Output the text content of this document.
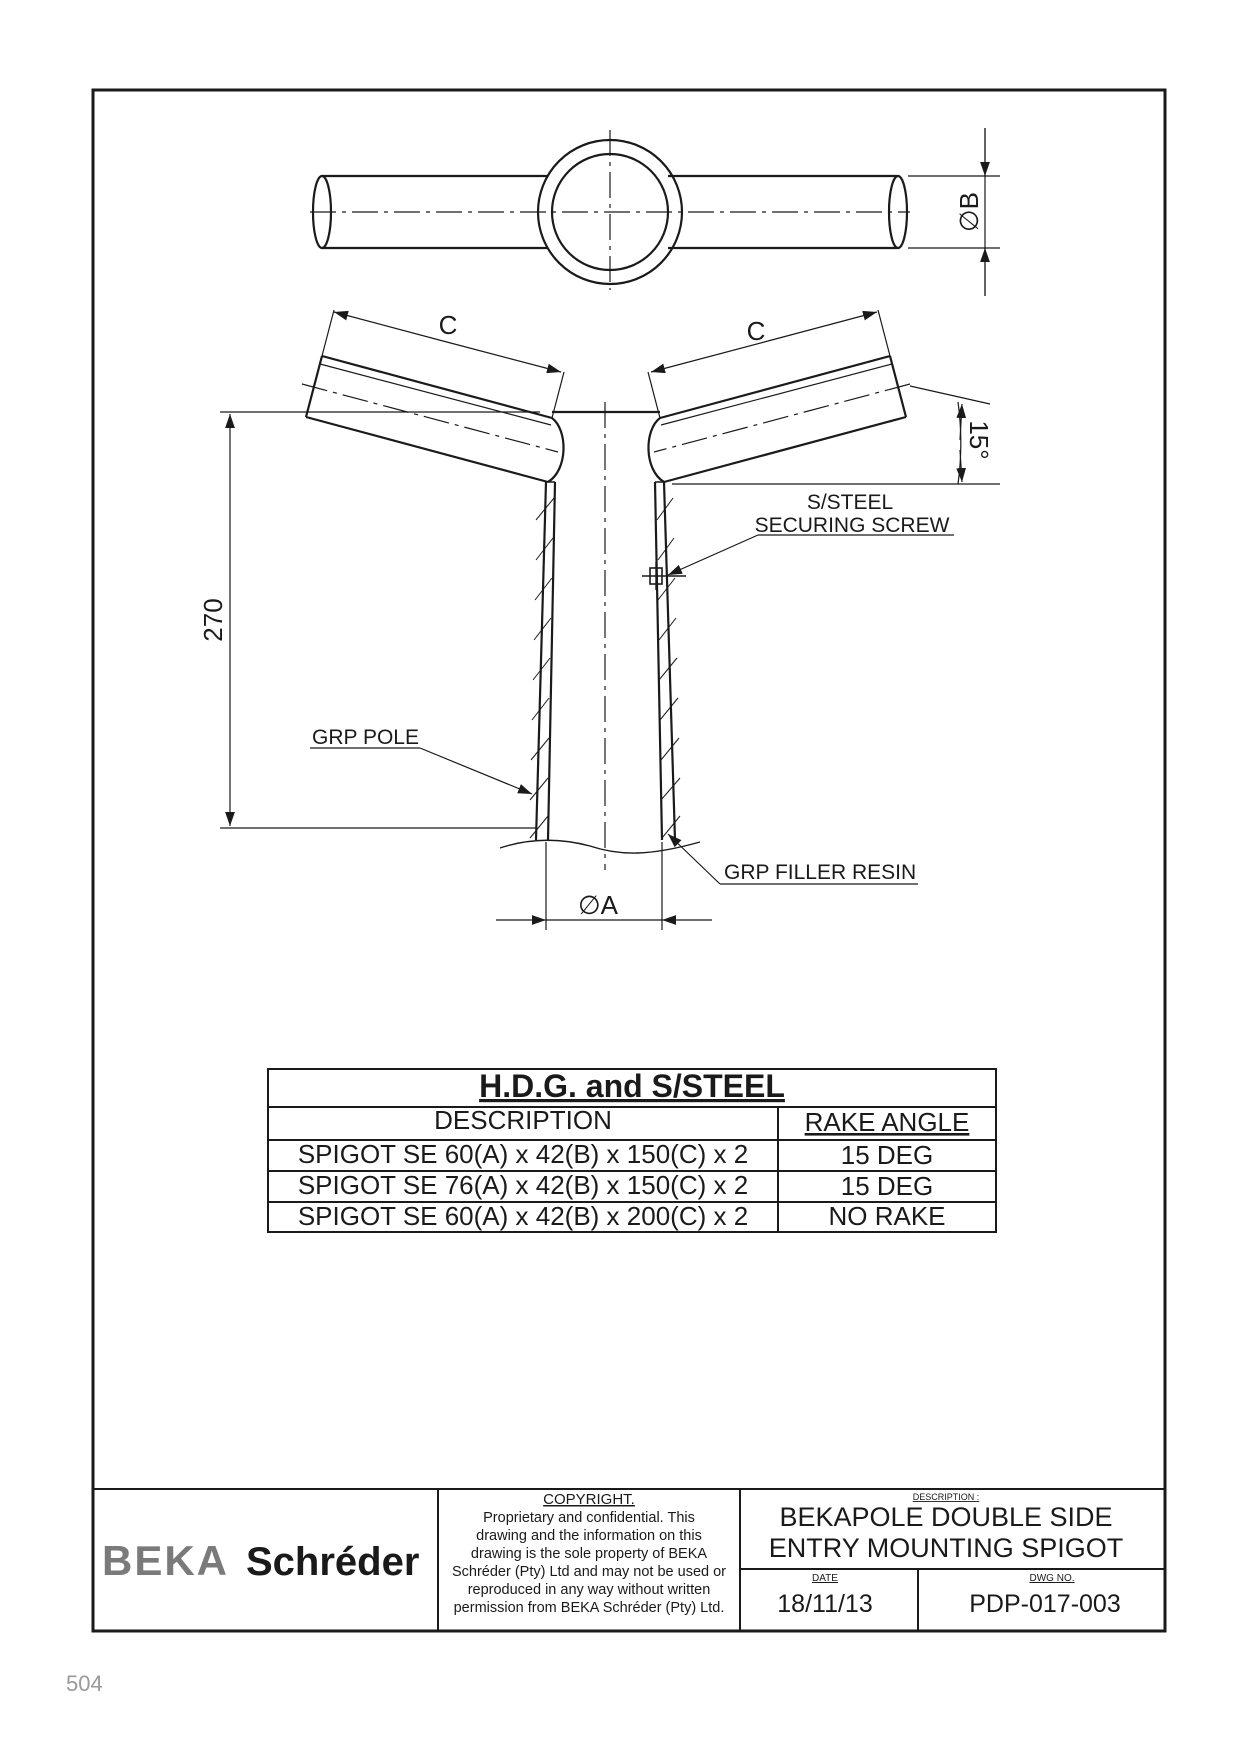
∅B
C	C
15°
270
∅A
S/STEEL
SECURING SCREW
GRP POLE
GRP FILLER RESIN
H.D.G. and S/STEEL
DESCRIPTION	RAKE ANGLE
SPIGOT SE 60(A) x 42(B) x 150(C) x 2	15 DEG
SPIGOT SE 76(A) x 42(B) x 150(C) x 2	15 DEG
SPIGOT SE 60(A) x 42(B) x 200(C) x 2	NO RAKE
BEKA Schréder
COPYRIGHT.
Proprietary and confidential. This
drawing and the information on this
drawing is the sole property of BEKA
Schréder (Pty) Ltd and may not be used or
reproduced in any way without written
permission from BEKA Schréder (Pty) Ltd.
DESCRIPTION :
BEKAPOLE DOUBLE SIDE
ENTRY MOUNTING SPIGOT
DATE
18/11/13
DWG NO.
PDP-017-003
504
